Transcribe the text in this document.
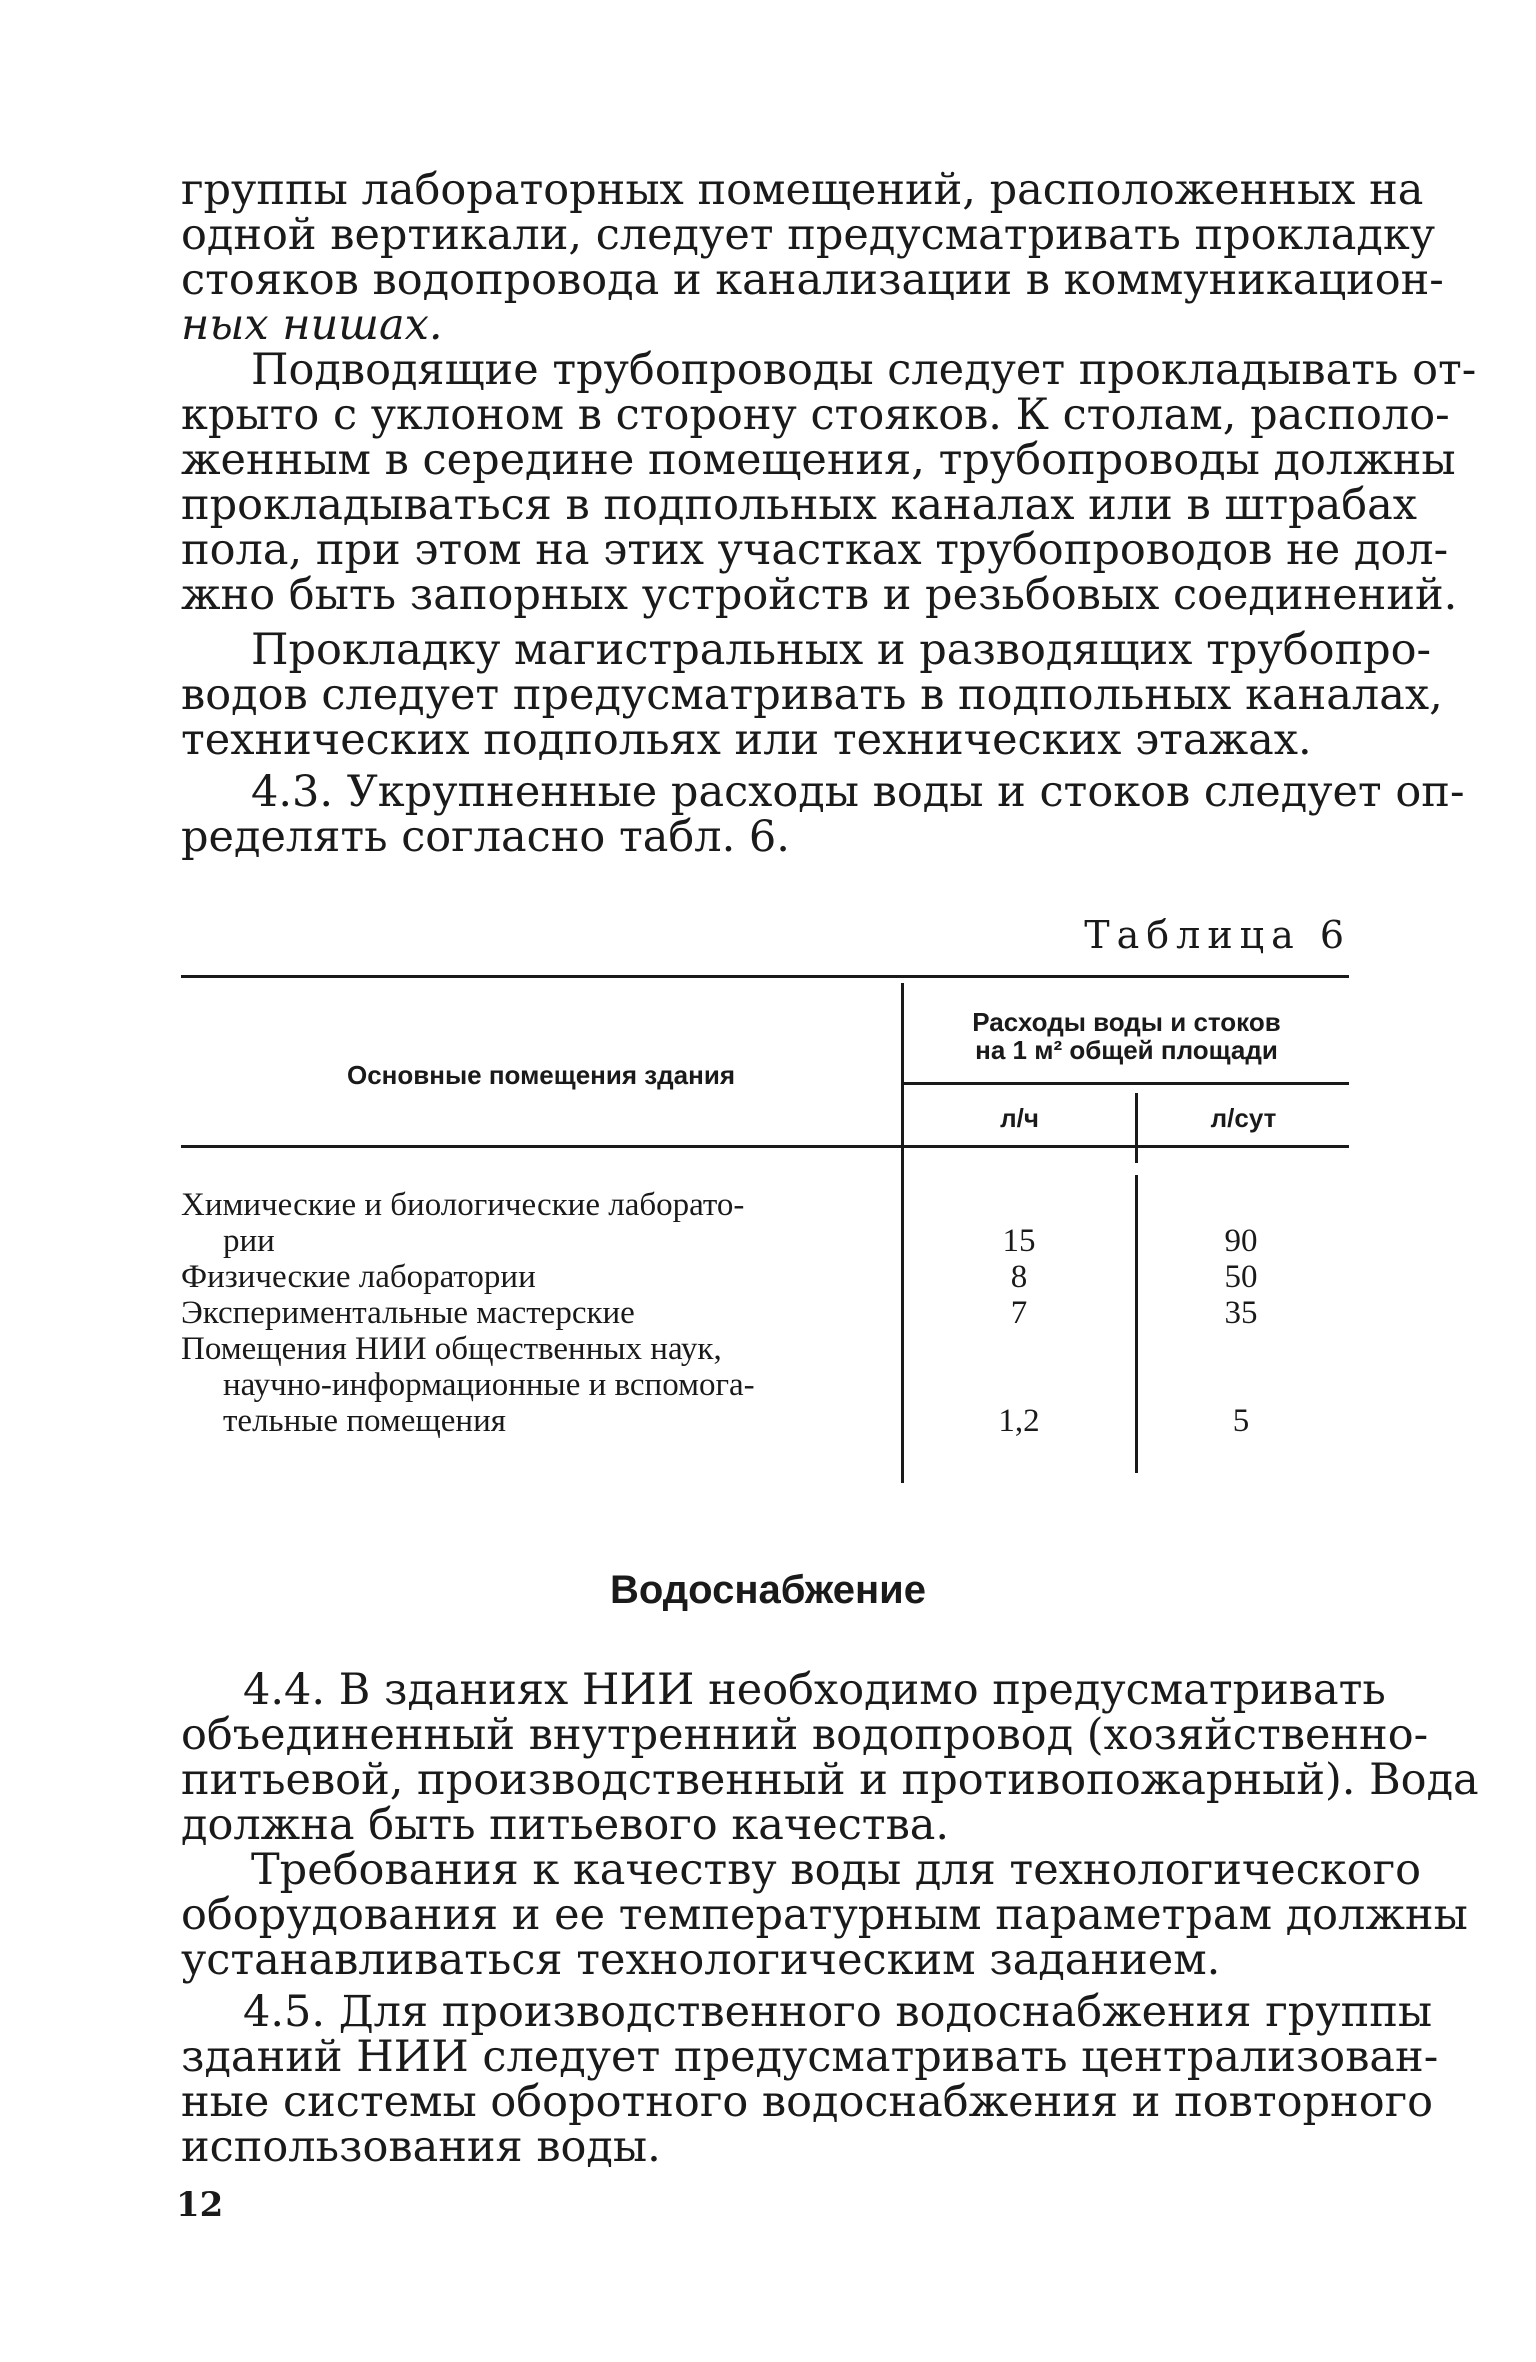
группы лабораторных помещений, расположенных на
одной вертикали, следует предусматривать прокладку
стояков водопровода и канализации в коммуникацион-
ных нишах.
Подводящие трубопроводы следует прокладывать от-
крыто с уклоном в сторону стояков. К столам, располо-
женным в середине помещения, трубопроводы должны
прокладываться в подпольных каналах или в штрабах
пола, при этом на этих участках трубопроводов не дол-
жно быть запорных устройств и резьбовых соединений.
Прокладку магистральных и разводящих трубопро-
водов следует предусматривать в подпольных каналах,
технических подпольях или технических этажах.
4.3. Укрупненные расходы воды и стоков следует оп-
ределять согласно табл. 6.

Таблица 6

Основные помещения здания
Расходы воды и стоков
на 1 м² общей площади
л/ч	л/сут
Химические и биологические лаборато-
рии	15	90
Физические лаборатории	8	50
Экспериментальные мастерские	7	35
Помещения НИИ общественных наук,
научно-информационные и вспомога-
тельные помещения	1,2	5
Водоснабжение
4.4. В зданиях НИИ необходимо предусматривать
объединенный внутренний водопровод (хозяйственно-
питьевой, производственный и противопожарный). Вода
должна быть питьевого качества.
Требования к качеству воды для технологического
оборудования и ее температурным параметрам должны
устанавливаться технологическим заданием.
4.5. Для производственного водоснабжения группы
зданий НИИ следует предусматривать централизован-
ные системы оборотного водоснабжения и повторного
использования воды.

12
